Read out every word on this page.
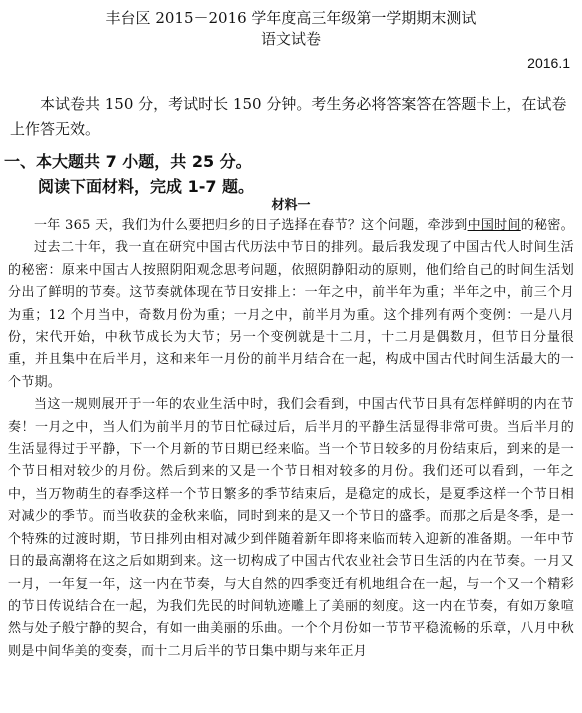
丰台区 2015－2016 学年度高三年级第一学期期末测试
语文试卷
2016.1
本试卷共 150 分，考试时长 150 分钟。考生务必将答案答在答题卡上，在试卷上作答无效。
一、本大题共 7 小题，共 25 分。
阅读下面材料，完成 1-7 题。
材料一

一年 365 天，我们为什么要把归乡的日子选择在春节？这个问题，牵涉到中国时间的秘密。

过去二十年，我一直在研究中国古代历法中节日的排列。最后我发现了中国古代人时间生活的秘密：原来中国古人按照阴阳观念思考问题，依照阴静阳动的原则，他们给自己的时间生活划分出了鲜明的节奏。这节奏就体现在节日安排上：一年之中，前半年为重；半年之中，前三个月为重；12 个月当中，奇数月份为重；一月之中，前半月为重。这个排列有两个变例：一是八月份，宋代开始，中秋节成长为大节；另一个变例就是十二月，十二月是偶数月，但节日分量很重，并且集中在后半月，这和来年一月份的前半月结合在一起，构成中国古代时间生活最大的一个节期。

当这一规则展开于一年的农业生活中时，我们会看到，中国古代节日具有怎样鲜明的内在节奏！一月之中，当人们为前半月的节日忙碌过后，后半月的平静生活显得非常可贵。当后半月的生活显得过于平静，下一个月新的节日期已经来临。当一个节日较多的月份结束后，到来的是一个节日相对较少的月份。然后到来的又是一个节日相对较多的月份。我们还可以看到，一年之中，当万物萌生的春季这样一个节日繁多的季节结束后，是稳定的成长，是夏季这样一个节日相对减少的季节。而当收获的金秋来临，同时到来的是又一个节日的盛季。而那之后是冬季，是一个特殊的过渡时期，节日排列由相对减少到伴随着新年即将来临而转入迎新的准备期。一年中节日的最高潮将在这之后如期到来。这一切构成了中国古代农业社会节日生活的内在节奏。一月又一月，一年复一年，这一内在节奏，与大自然的四季变迁有机地组合在一起，与一个又一个精彩的节日传说结合在一起，为我们先民的时间轨迹雕上了美丽的刻度。这一内在节奏，有如万象喧然与处子般宁静的契合，有如一曲美丽的乐曲。一个个月份如一节节平稳流畅的乐章，八月中秋则是中间华美的变奏，而十二月后半的节日集中期与来年正月
